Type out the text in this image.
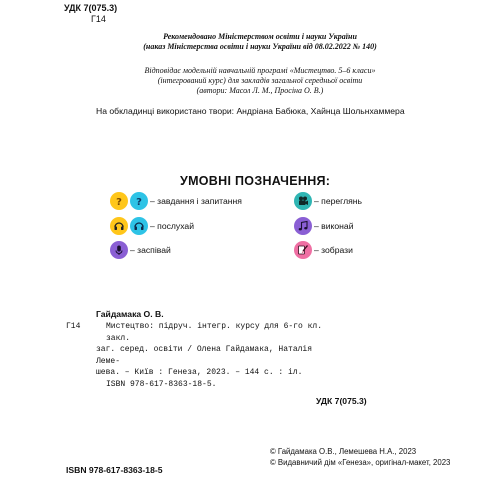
УДК 7(075.3)
Г14
Рекомендовано Міністерством освіти і науки України
(наказ Міністерства освіти і науки України від 08.02.2022 № 140)
Відповідає модельній навчальній програмі «Мистецтво. 5–6 класи»
(інтегрований курс) для закладів загальної середньої освіти
(автори: Масол Л. М., Просіна О. В.)
На обкладинці використано твори: Андріана Бабюка, Хайнца Шольнхаммера
УМОВНІ ПОЗНАЧЕННЯ:
? ? – завдання і запитання
– послухай
– заспівай
– переглянь
– виконай
– зобрази
Гайдамака О. В.
Г14	Мистецтво: підруч. інтегр. курсу для 6-го кл. закл.
заг. серед. освіти / Олена Гайдамака, Наталія Леме-
шева. – Київ : Генеза, 2023. – 144 с. : іл.
ISBN 978-617-8363-18-5.
УДК 7(075.3)
ISBN 978-617-8363-18-5
© Гайдамака О.В., Лемешева Н.А., 2023
© Видавничий дім «Генеза», оригінал-макет, 2023
